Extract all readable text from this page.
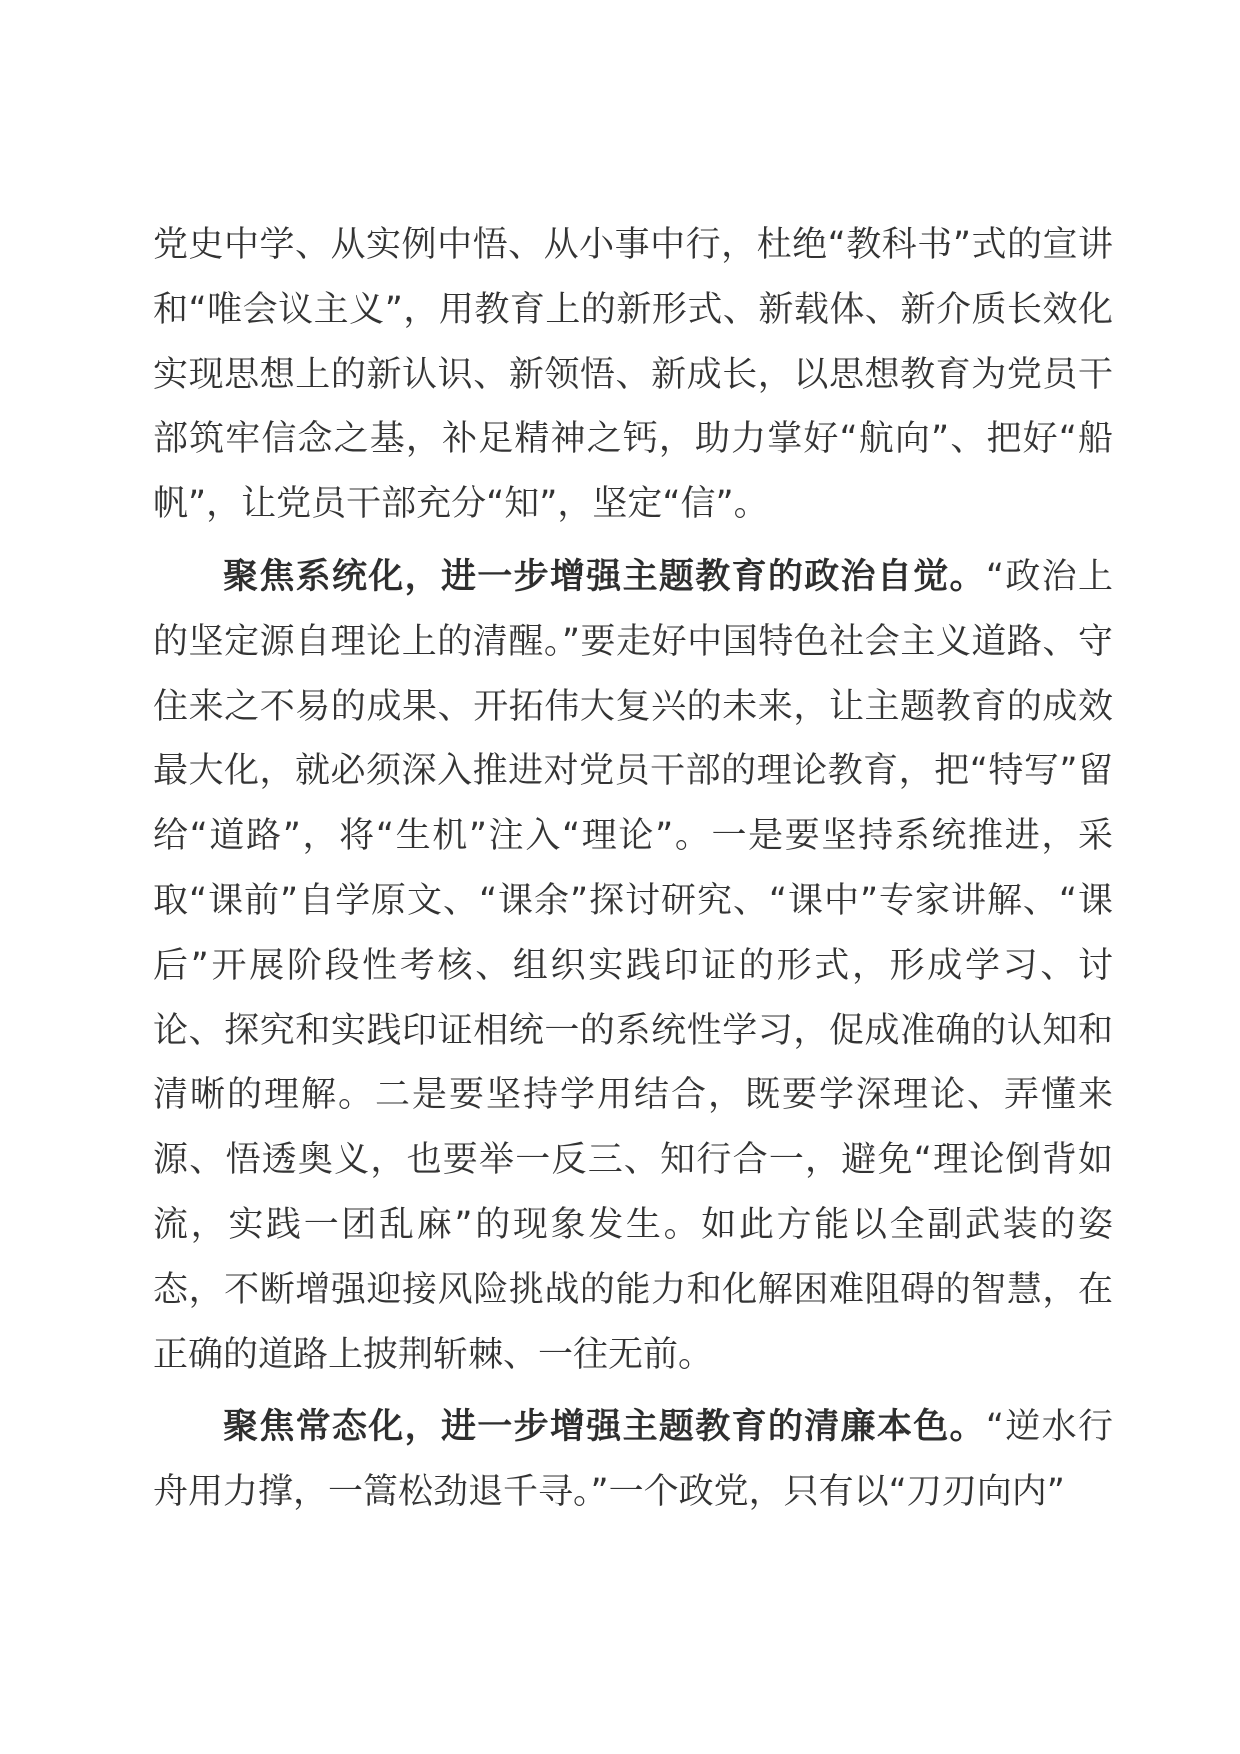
党史中学、从实例中悟、从小事中行，杜绝“教科书”式的宣讲和“唯会议主义”，用教育上的新形式、新载体、新介质长效化实现思想上的新认识、新领悟、新成长，以思想教育为党员干部筑牢信念之基，补足精神之钙，助力掌好“航向”、把好“船帆”，让党员干部充分“知”，坚定“信”。

聚焦系统化，进一步增强主题教育的政治自觉。“政治上的坚定源自理论上的清醒。”要走好中国特色社会主义道路、守住来之不易的成果、开拓伟大复兴的未来，让主题教育的成效最大化，就必须深入推进对党员干部的理论教育，把“特写”留给“道路”，将“生机”注入“理论”。一是要坚持系统推进，采取“课前”自学原文、“课余”探讨研究、“课中”专家讲解、“课后”开展阶段性考核、组织实践印证的形式，形成学习、讨论、探究和实践印证相统一的系统性学习，促成准确的认知和清晰的理解。二是要坚持学用结合，既要学深理论、弄懂来源、悟透奥义，也要举一反三、知行合一，避免“理论倒背如流，实践一团乱麻”的现象发生。如此方能以全副武装的姿态，不断增强迎接风险挑战的能力和化解困难阻碍的智慧，在正确的道路上披荆斩棘、一往无前。

聚焦常态化，进一步增强主题教育的清廉本色。“逆水行舟用力撑，一篙松劲退千寻。”一个政党，只有以“刀刃向内”
